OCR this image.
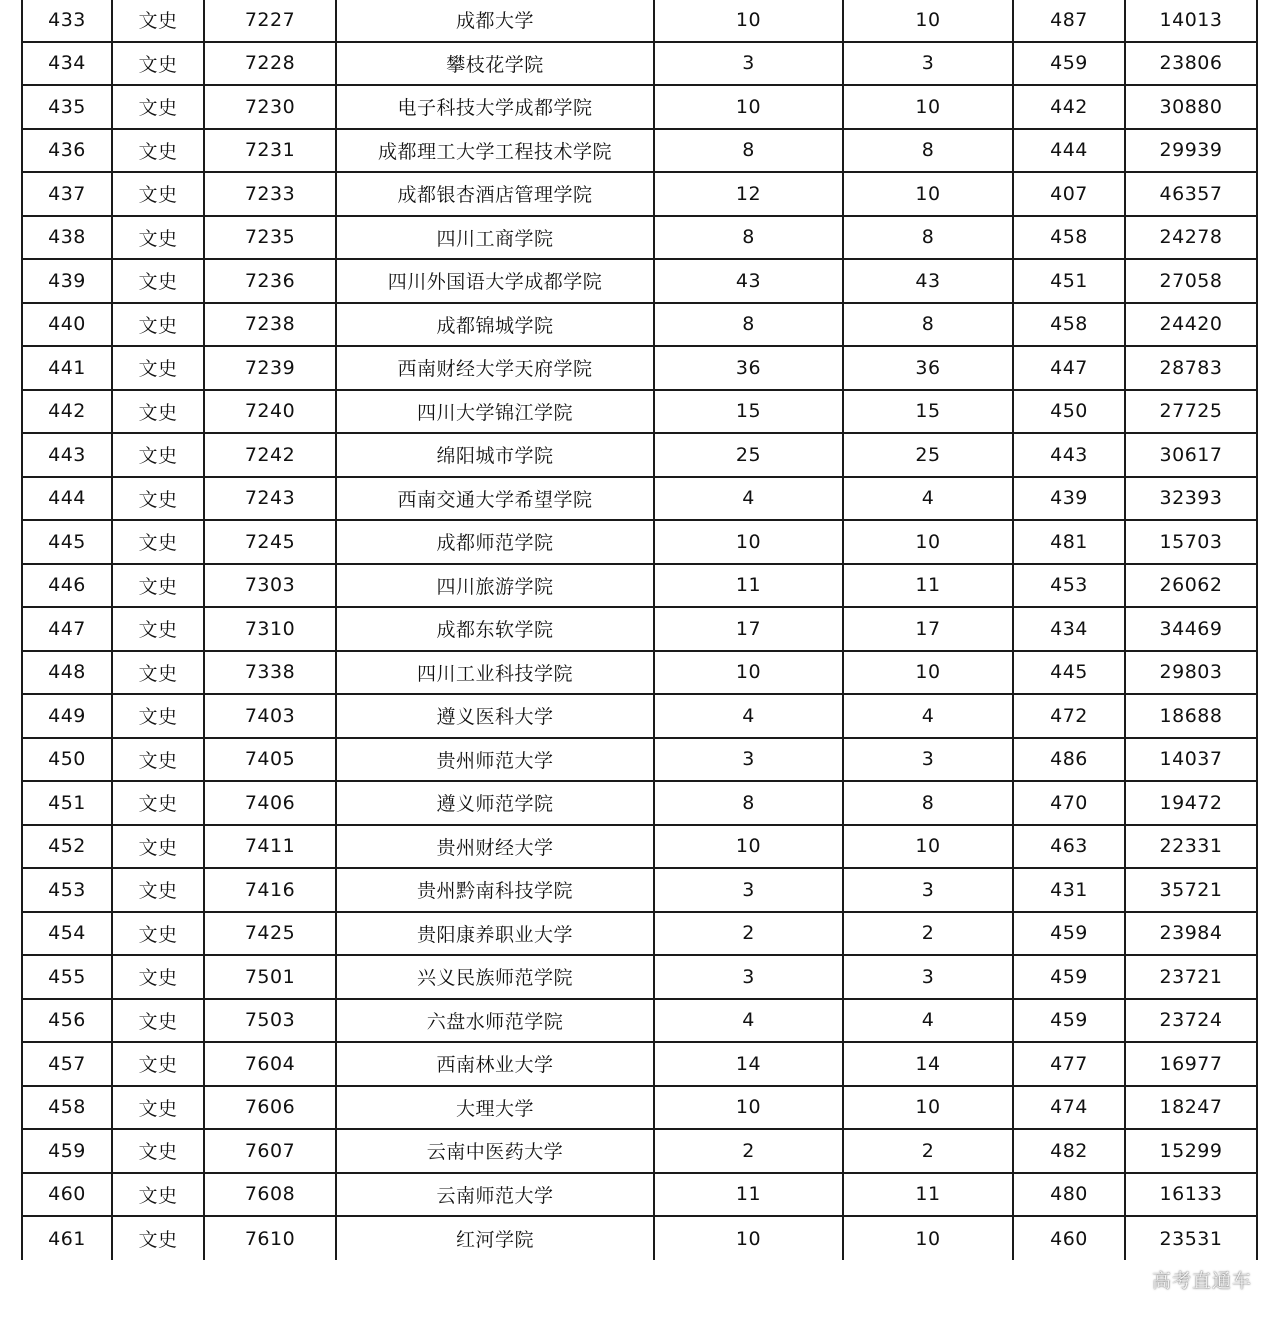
433	文史	7227	成都大学	10	10	487	14013
434	文史	7228	攀枝花学院	3	3	459	23806
435	文史	7230	电子科技大学成都学院	10	10	442	30880
436	文史	7231	成都理工大学工程技术学院	8	8	444	29939
437	文史	7233	成都银杏酒店管理学院	12	10	407	46357
438	文史	7235	四川工商学院	8	8	458	24278
439	文史	7236	四川外国语大学成都学院	43	43	451	27058
440	文史	7238	成都锦城学院	8	8	458	24420
441	文史	7239	西南财经大学天府学院	36	36	447	28783
442	文史	7240	四川大学锦江学院	15	15	450	27725
443	文史	7242	绵阳城市学院	25	25	443	30617
444	文史	7243	西南交通大学希望学院	4	4	439	32393
445	文史	7245	成都师范学院	10	10	481	15703
446	文史	7303	四川旅游学院	11	11	453	26062
447	文史	7310	成都东软学院	17	17	434	34469
448	文史	7338	四川工业科技学院	10	10	445	29803
449	文史	7403	遵义医科大学	4	4	472	18688
450	文史	7405	贵州师范大学	3	3	486	14037
451	文史	7406	遵义师范学院	8	8	470	19472
452	文史	7411	贵州财经大学	10	10	463	22331
453	文史	7416	贵州黔南科技学院	3	3	431	35721
454	文史	7425	贵阳康养职业大学	2	2	459	23984
455	文史	7501	兴义民族师范学院	3	3	459	23721
456	文史	7503	六盘水师范学院	4	4	459	23724
457	文史	7604	西南林业大学	14	14	477	16977
458	文史	7606	大理大学	10	10	474	18247
459	文史	7607	云南中医药大学	2	2	482	15299
460	文史	7608	云南师范大学	11	11	480	16133
461	文史	7610	红河学院	10	10	460	23531
高考直通车
